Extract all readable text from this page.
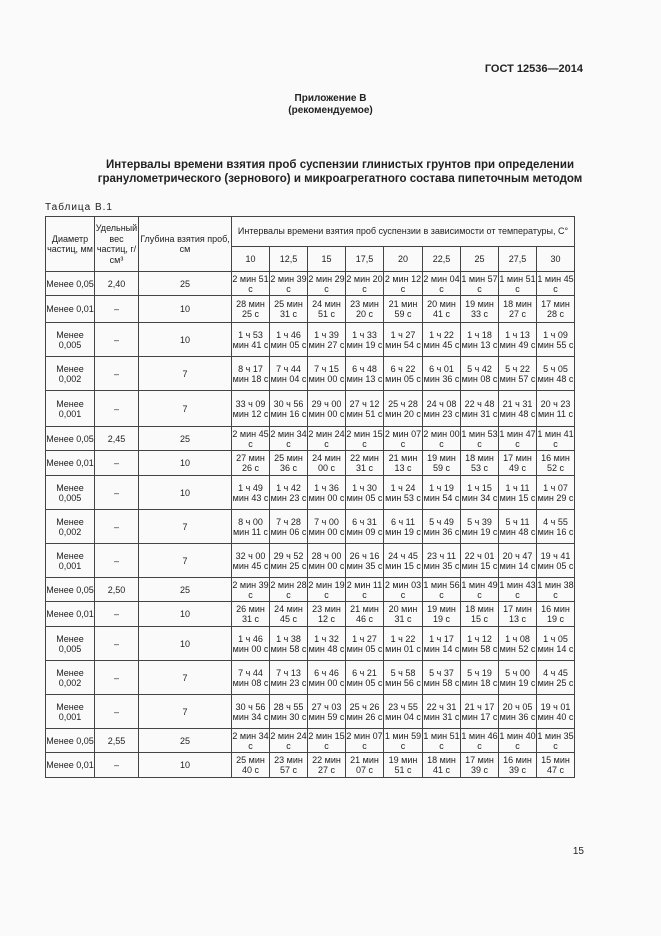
ГОСТ 12536—2014
Приложение В
(рекомендуемое)
Интервалы времени взятия проб суспензии глинистых грунтов при определении
гранулометрического (зернового) и микроагрегатного состава пипеточным методом
Таблица В.1
Диаметр частиц, мм	Удельный вес частиц, г/см³	Глубина взятия проб, см	Интервалы времени взятия проб суспензии в зависимости от температуры, С°								
			10	12,5	15	17,5	20	22,5	25	27,5	30
Менее 0,05	2,40	25	2 мин 51 с	2 мин 39 с	2 мин 29 с	2 мин 20 с	2 мин 12 с	2 мин 04 с	1 мин 57 с	1 мин 51 с	1 мин 45 с
Менее 0,01	–	10	28 мин 25 с	25 мин 31 с	24 мин 51 с	23 мин 20 с	21 мин 59 с	20 мин 41 с	19 мин 33 с	18 мин 27 с	17 мин 28 с
Менее 0,005	–	10	1 ч 53 мин 41 с	1 ч 46 мин 05 с	1 ч 39 мин 27 с	1 ч 33 мин 19 с	1 ч 27 мин 54 с	1 ч 22 мин 45 с	1 ч 18 мин 13 с	1 ч 13 мин 49 с	1 ч 09 мин 55 с
Менее 0,002	–	7	8 ч 17 мин 18 с	7 ч 44 мин 04 с	7 ч 15 мин 00 с	6 ч 48 мин 13 с	6 ч 22 мин 05 с	6 ч 01 мин 36 с	5 ч 42 мин 08 с	5 ч 22 мин 57 с	5 ч 05 мин 48 с
Менее 0,001	–	7	33 ч 09 мин 12 с	30 ч 56 мин 16 с	29 ч 00 мин 00 с	27 ч 12 мин 51 с	25 ч 28 мин 20 с	24 ч 08 мин 23 с	22 ч 48 мин 31 с	21 ч 31 мин 48 с	20 ч 23 мин 11 с
Менее 0,05	2,45	25	2 мин 45 с	2 мин 34 с	2 мин 24 с	2 мин 15 с	2 мин 07 с	2 мин 00 с	1 мин 53 с	1 мин 47 с	1 мин 41 с
Менее 0,01	–	10	27 мин 26 с	25 мин 36 с	24 мин 00 с	22 мин 31 с	21 мин 13 с	19 мин 59 с	18 мин 53 с	17 мин 49 с	16 мин 52 с
Менее 0,005	–	10	1 ч 49 мин 43 с	1 ч 42 мин 23 с	1 ч 36 мин 00 с	1 ч 30 мин 05 с	1 ч 24 мин 53 с	1 ч 19 мин 54 с	1 ч 15 мин 34 с	1 ч 11 мин 15 с	1 ч 07 мин 29 с
Менее 0,002	–	7	8 ч 00 мин 11 с	7 ч 28 мин 06 с	7 ч 00 мин 00 с	6 ч 31 мин 09 с	6 ч 11 мин 19 с	5 ч 49 мин 36 с	5 ч 39 мин 19 с	5 ч 11 мин 48 с	4 ч 55 мин 16 с
Менее 0,001	–	7	32 ч 00 мин 45 с	29 ч 52 мин 25 с	28 ч 00 мин 00 с	26 ч 16 мин 35 с	24 ч 45 мин 15 с	23 ч 11 мин 35 с	22 ч 01 мин 15 с	20 ч 47 мин 14 с	19 ч 41 мин 05 с
Менее 0,05	2,50	25	2 мин 39 с	2 мин 28 с	2 мин 19 с	2 мин 11 с	2 мин 03 с	1 мин 56 с	1 мин 49 с	1 мин 43 с	1 мин 38 с
Менее 0,01	–	10	26 мин 31 с	24 мин 45 с	23 мин 12 с	21 мин 46 с	20 мин 31 с	19 мин 19 с	18 мин 15 с	17 мин 13 с	16 мин 19 с
Менее 0,005	–	10	1 ч 46 мин 00 с	1 ч 38 мин 58 с	1 ч 32 мин 48 с	1 ч 27 мин 05 с	1 ч 22 мин 01 с	1 ч 17 мин 14 с	1 ч 12 мин 58 с	1 ч 08 мин 52 с	1 ч 05 мин 14 с
Менее 0,002	–	7	7 ч 44 мин 08 с	7 ч 13 мин 23 с	6 ч 46 мин 00 с	6 ч 21 мин 05 с	5 ч 58 мин 56 с	5 ч 37 мин 58 с	5 ч 19 мин 18 с	5 ч 00 мин 19 с	4 ч 45 мин 25 с
Менее 0,001	–	7	30 ч 56 мин 34 с	28 ч 55 мин 30 с	27 ч 03 мин 59 с	25 ч 26 мин 26 с	23 ч 55 мин 04 с	22 ч 31 мин 31 с	21 ч 17 мин 17 с	20 ч 05 мин 36 с	19 ч 01 мин 40 с
Менее 0,05	2,55	25	2 мин 34 с	2 мин 24 с	2 мин 15 с	2 мин 07 с	1 мин 59 с	1 мин 51 с	1 мин 46 с	1 мин 40 с	1 мин 35 с
Менее 0,01	–	10	25 мин 40 с	23 мин 57 с	22 мин 27 с	21 мин 07 с	19 мин 51 с	18 мин 41 с	17 мин 39 с	16 мин 39 с	15 мин 47 с
15
